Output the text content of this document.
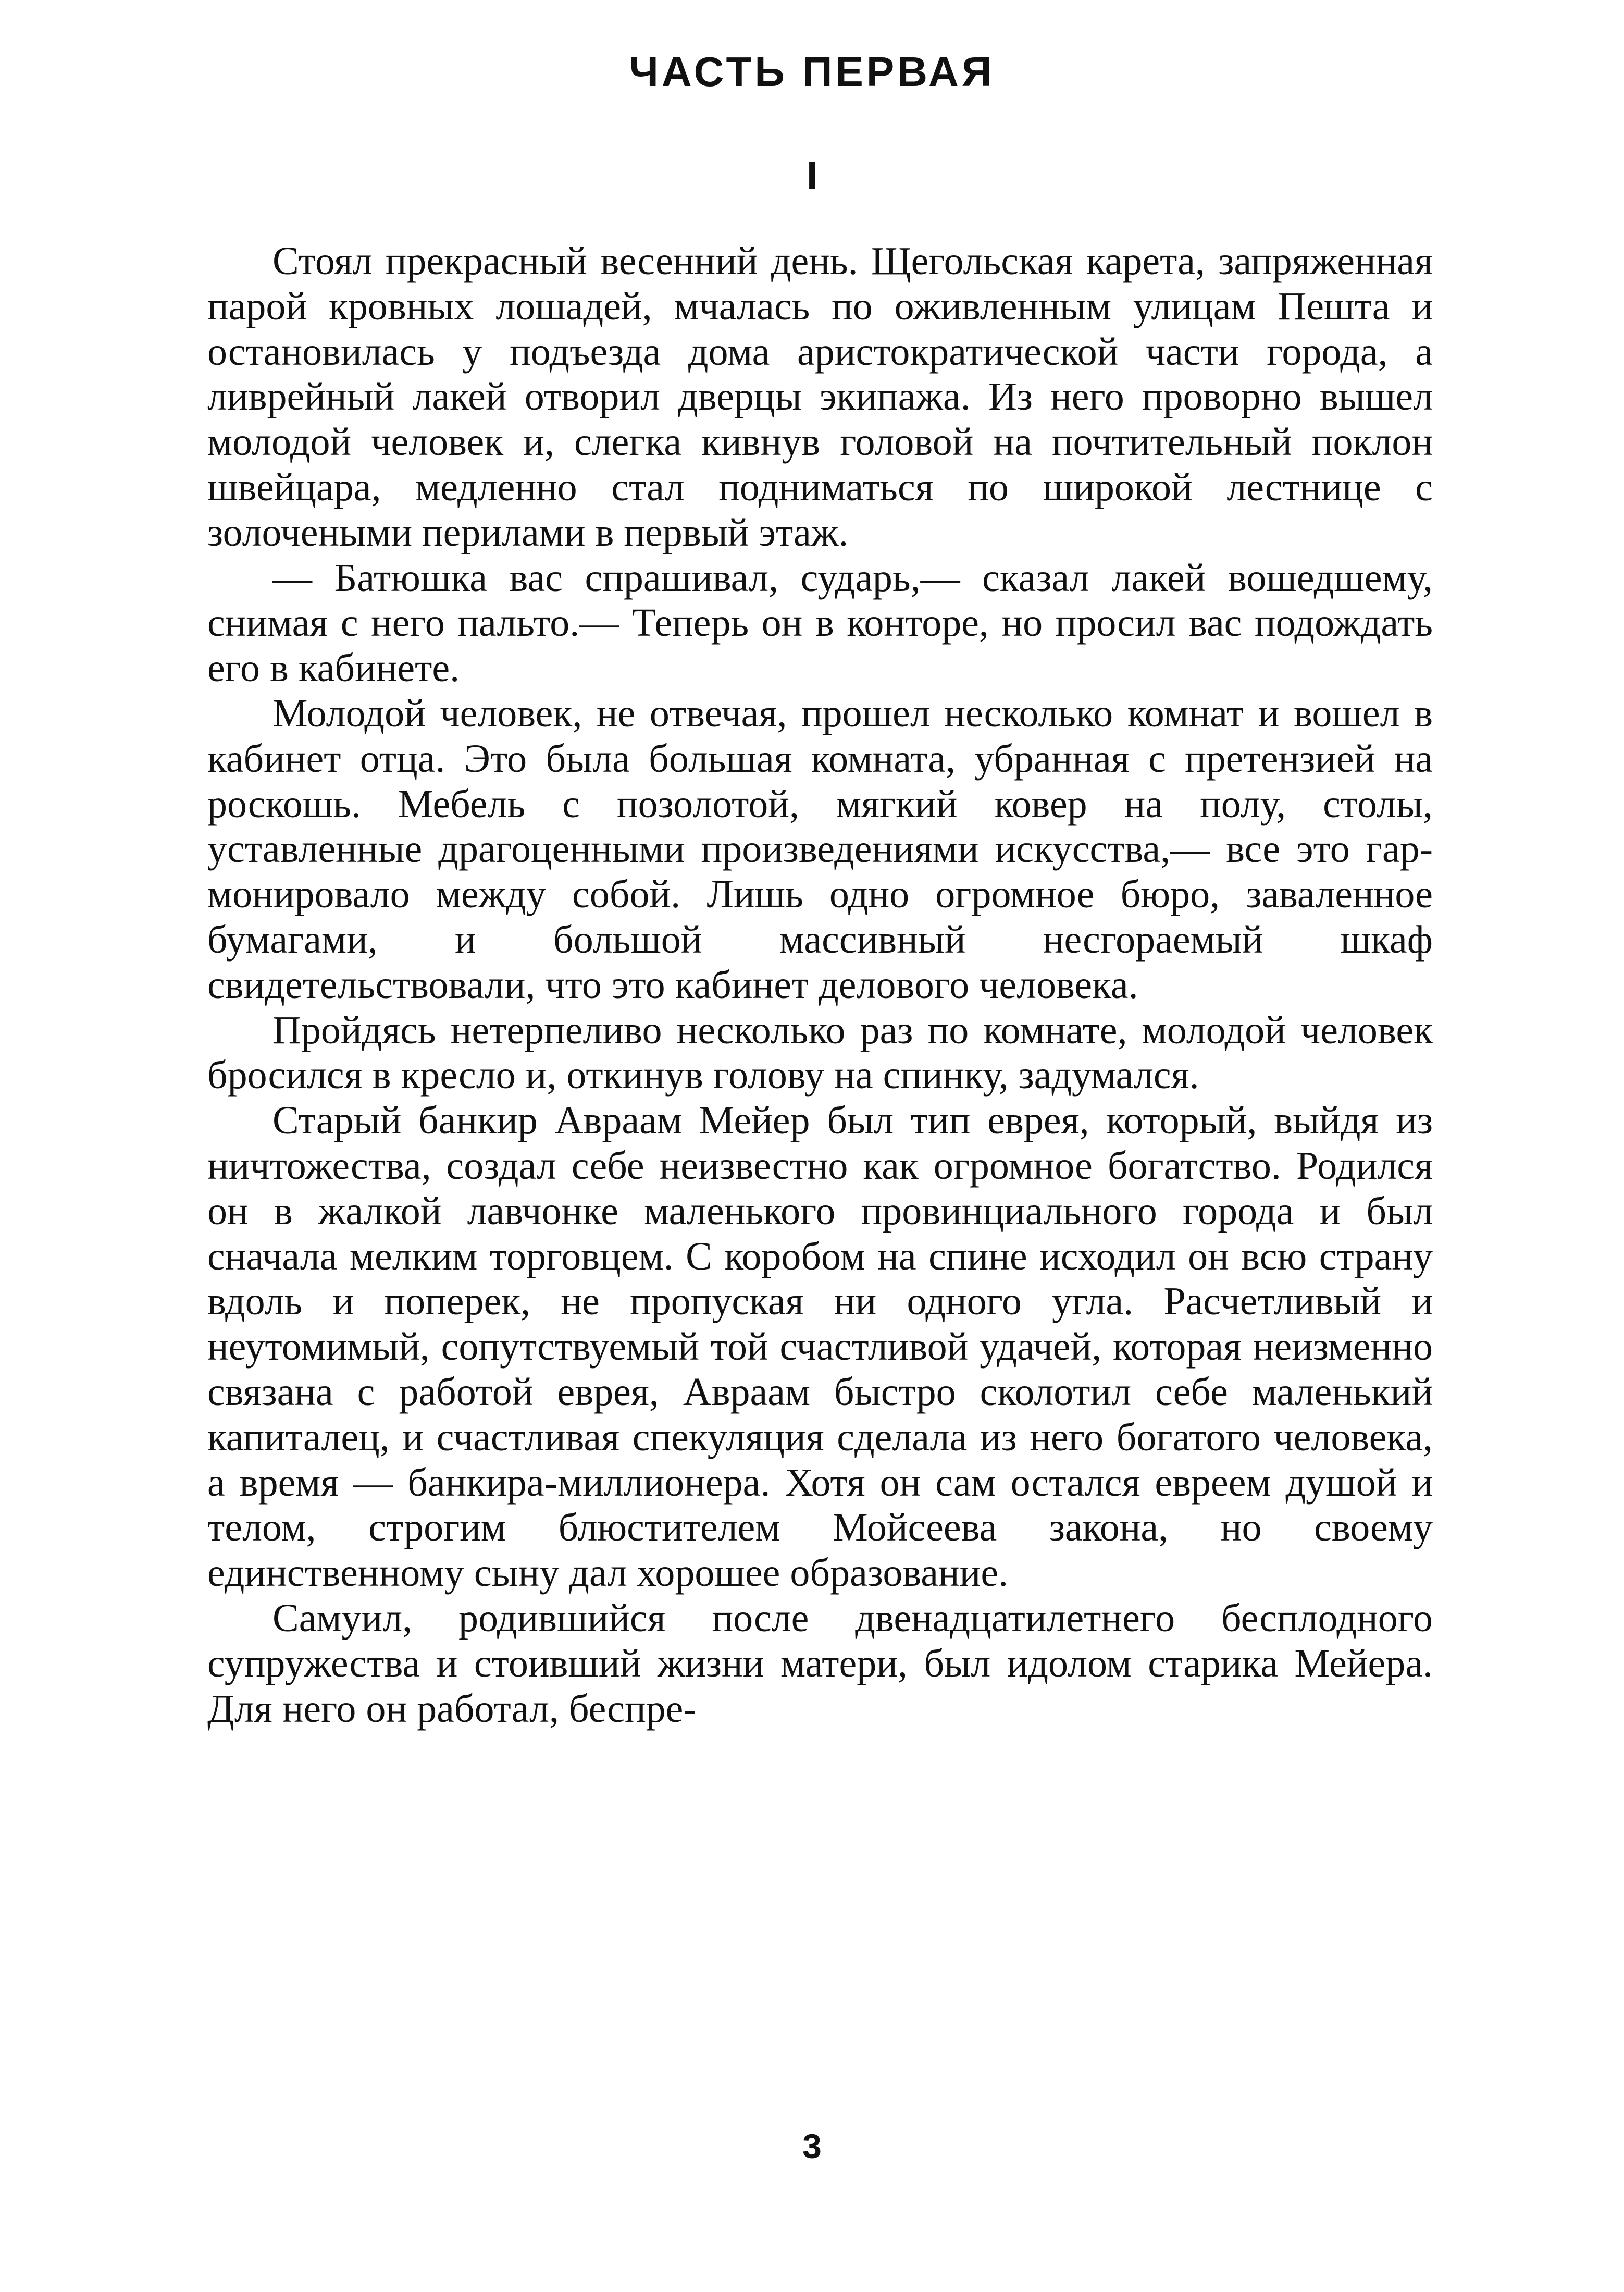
ЧАСТЬ ПЕРВАЯ
I

Стоял прекрасный весенний день. Щегольская карета, запряженная парой кровных лошадей, мчалась по оживленным улицам Пешта и остановилась у подъезда дома аристократической части города, а ливрейный лакей отворил дверцы экипажа. Из него проворно вышел молодой человек и, слегка кивнув головой на почтительный поклон швейцара, медленно стал подниматься по широкой лестнице с золочеными перилами в первый этаж.

— Батюшка вас спрашивал, сударь,— сказал лакей вошедшему, снимая с него пальто.— Теперь он в конторе, но просил вас подождать его в кабинете.

Молодой человек, не отвечая, прошел несколько комнат и вошел в кабинет отца. Это была большая комната, убранная с претензией на роскошь. Мебель с позолотой, мягкий ковер на полу, столы, уставленные драгоценными произведениями искусства,— все это гармонировало между собой. Лишь одно огромное бюро, заваленное бумагами, и большой массивный несгораемый шкаф свидетельствовали, что это кабинет делового человека.

Пройдясь нетерпеливо несколько раз по комнате, молодой человек бросился в кресло и, откинув голову на спинку, задумался.

Старый банкир Авраам Мейер был тип еврея, который, выйдя из ничтожества, создал себе неизвестно как огромное богатство. Родился он в жалкой лавчонке маленького провинциального города и был сначала мелким торговцем. С коробом на спине исходил он всю страну вдоль и поперек, не пропуская ни одного угла. Расчетливый и неутомимый, сопутствуемый той счастливой удачей, которая неизменно связана с работой еврея, Авраам быстро сколотил себе маленький капиталец, и счастливая спекуляция сделала из него богатого человека, а время — банкира-миллионера. Хотя он сам остался евреем душой и телом, строгим блюстителем Мойсеева закона, но своему единственному сыну дал хорошее образование.

Самуил, родившийся после двенадцатилетнего бесплодного супружества и стоивший жизни матери, был идолом старика Мейера. Для него он работал, беспре-

3
